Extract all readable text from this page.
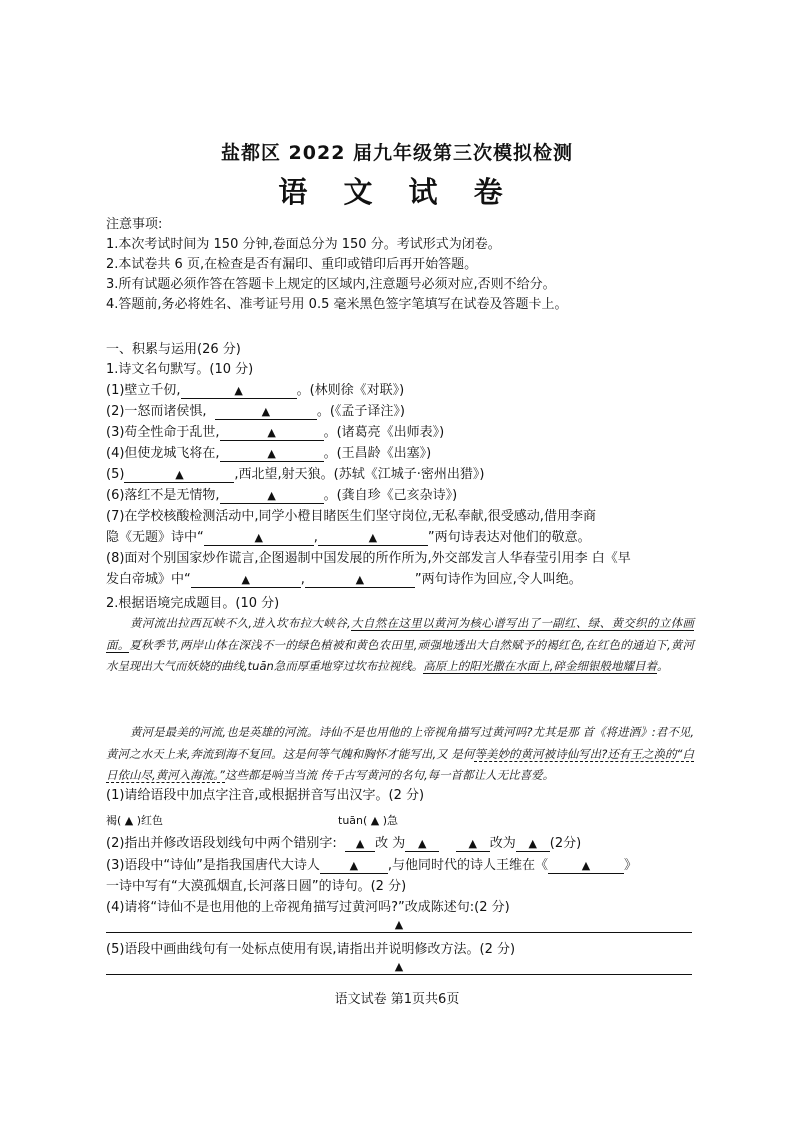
盐都区 2022 届九年级第三次模拟检测
语 文 试 卷
注意事项:
1.本次考试时间为 150 分钟,卷面总分为 150 分。考试形式为闭卷。
2.本试卷共 6 页,在检查是否有漏印、重印或错印后再开始答题。
3.所有试题必须作答在答题卡上规定的区域内,注意题号必须对应,否则不给分。
4.答题前,务必将姓名、准考证号用 0.5 毫米黑色签字笔填写在试卷及答题卡上。
一、积累与运用(26 分)
1.诗文名句默写。(10 分)
(1)壁立千仞,	▲	。(林则徐《对联》)
(2)一怒而诸侯惧,	▲	。(《孟子译注》)
(3)苟全性命于乱世,	▲	。(诸葛亮《出师表》)
(4)但使龙城飞将在,	▲	。(王昌龄《出塞》)
(5)	▲	,西北望,射天狼。(苏轼《江城子·密州出猎》)
(6)落红不是无情物,	▲	。(龚自珍《己亥杂诗》)
(7)在学校核酸检测活动中,同学小橙目睹医生们坚守岗位,无私奉献,很受感动,借用李商
隐《无题》诗中“	▲	,	▲	”两句诗表达对他们的敬意。
(8)面对个别国家炒作谎言,企图遏制中国发展的所作所为,外交部发言人华春莹引用李 白《早
发白帝城》中“	▲	,	▲	”两句诗作为回应,令人叫绝。
2.根据语境完成题目。(10 分)
黄河流出拉西瓦峡不久,进入坎布拉大峡谷,大自然在这里以黄河为核心谱写出了一副红、绿、黄交织的立体画面。夏秋季节,两岸山体在深浅不一的绿色植被和黄色农田里,顽强地透出大自然赋予的褐红色,在红色的通迫下,黄河水呈现出大气而妖娆的曲线,tuān急而厚重地穿过坎布拉视线。高原上的阳光撒在水面上,碎金细银般地耀目着。
黄河是最美的河流,也是英雄的河流。诗仙不是也用他的上帝视角描写过黄河吗?尤其是那 首《将进酒》:君不见,黄河之水天上来,奔流到海不复回。这是何等气魄和胸怀才能写出,又 是何等美妙的黄河被诗仙写出?还有王之涣的“白日依山尽,黄河入海流。”这些都是响当当流 传千古写黄河的名句,每一首都让人无比喜爱。
(1)请给语段中加点字注音,或根据拼音写出汉字。(2 分)
褐( ▲ )红色	tuān( ▲ )急
(2)指出并修改语段划线句中两个错别字: ▲ 改 为 ▲	▲ 改为 ▲ (2分)
(3)语段中“诗仙”是指我国唐代大诗人	▲ ,与他同时代的诗人王维在《	▲	》
一诗中写有“大漠孤烟直,长河落日圆”的诗句。(2 分)
(4)请将“诗仙不是也用他的上帝视角描写过黄河吗?”改成陈述句:(2 分)
▲
(5)语段中画曲线句有一处标点使用有误,请指出并说明修改方法。(2 分)
▲
语文试卷 第1页共6页
